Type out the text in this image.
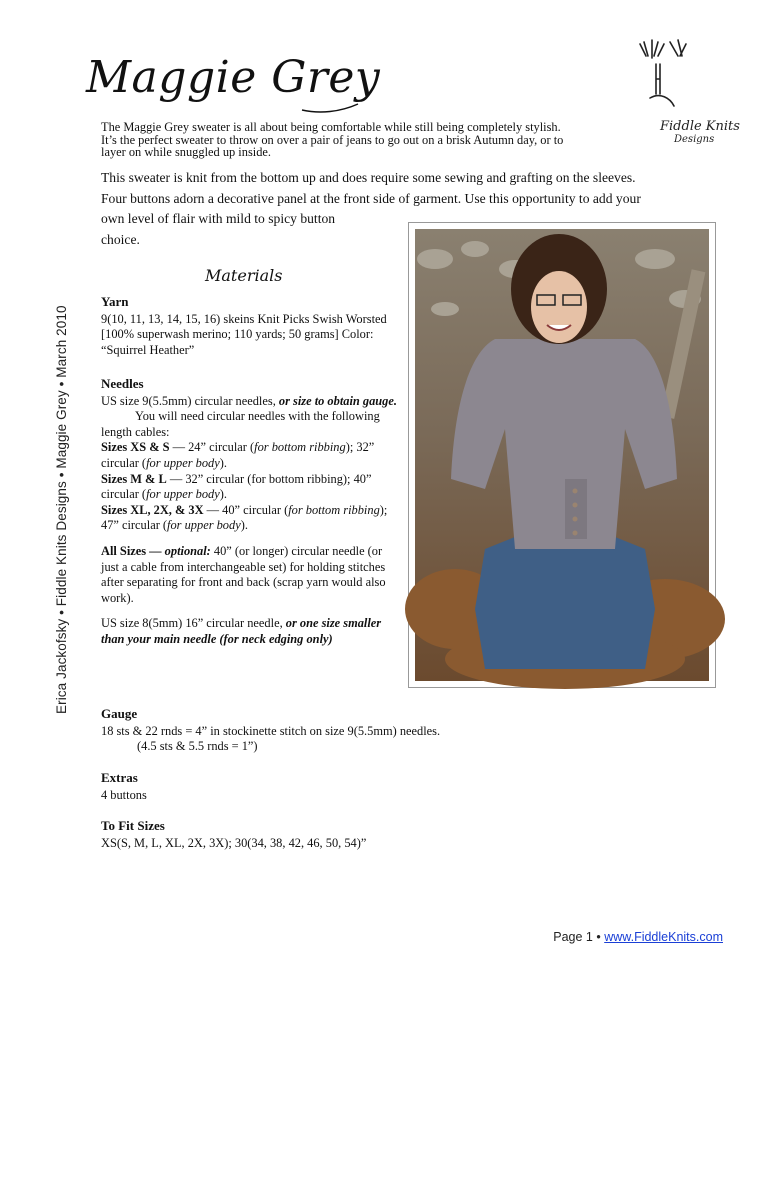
Erica Jackofsky • Fiddle Knits Designs • Maggie Grey • March 2010
Maggie Grey
Fiddle Knits
Designs

The Maggie Grey sweater is all about being comfortable while still being completely stylish.

It’s the perfect sweater to throw on over a pair of jeans to go out on a brisk Autumn day, or to

layer on while snuggled up inside.

This sweater is knit from the bottom up and does require some sewing and grafting on the sleeves.

Four buttons adorn a decorative panel at the front side of garment. Use this opportunity to add your

own level of flair with mild to spicy button

choice.

Materials

Yarn

9(10, 11, 13, 14, 15, 16) skeins Knit Picks Swish Worsted [100% superwash merino; 110 yards; 50 grams] Color: “Squirrel Heather”

Needles

US size 9(5.5mm) circular needles, or size to obtain gauge.

You will need circular needles with the following length cables:

Sizes XS & S — 24” circular (for bottom ribbing); 32” circular (for upper body).

Sizes M & L — 32” circular (for bottom ribbing); 40” circular (for upper body).

Sizes XL, 2X, & 3X — 40” circular (for bottom ribbing); 47” circular (for upper body).

All Sizes — optional: 40” (or longer) circular needle (or just a cable from interchangeable set) for holding stitches after separating for front and back (scrap yarn would also work).

US size 8(5mm) 16” circular needle, or one size smaller than your main needle (for neck edging only)

Gauge

18 sts & 22 rnds = 4” in stockinette stitch on size 9(5.5mm) needles.

(4.5 sts & 5.5 rnds = 1”)

Extras

4 buttons

To Fit Sizes

XS(S, M, L, XL, 2X, 3X); 30(34, 38, 42, 46, 50, 54)”

Page 1 • www.FiddleKnits.com
